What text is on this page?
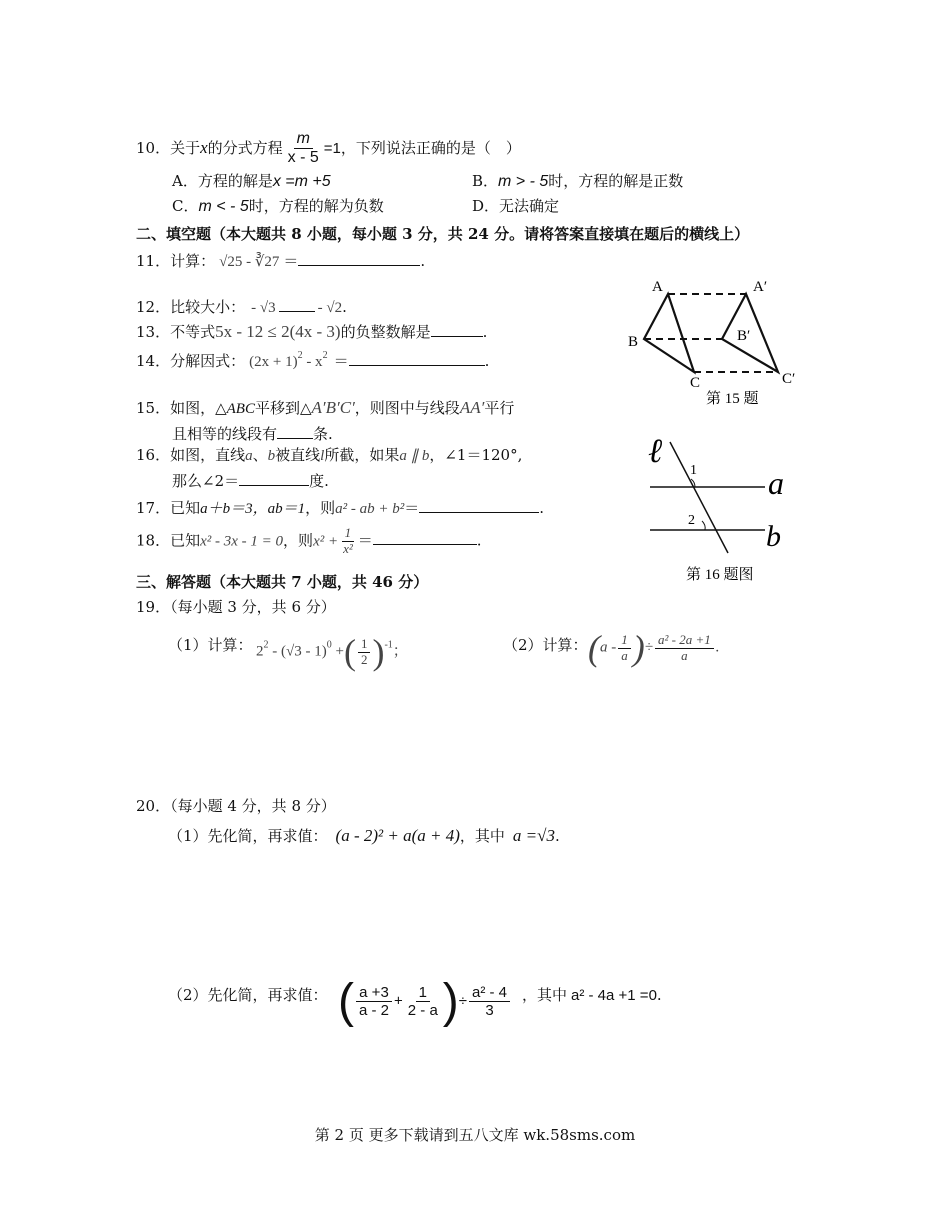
10．关于x的分式方程 $\frac{m}{x - 5} =1$，下列说法正确的是（　）
A．方程的解是x =m +5	B．m > - 5时，方程的解是正数
C．m < - 5时，方程的解为负数	D．无法确定
二、填空题（本大题共 8 小题，每小题 3 分，共 24 分。请将答案直接填在题后的横线上）
11．计算： √25 - ∛27 ＝	.
12．比较大小： - √3	- √2.
13．不等式5x - 12 ≤ 2(4x - 3)的负整数解是	.
14．分解因式： $(2x + 1)^2 - x^2$ ＝	.
15．如图，△ABC平移到△A′B′C′，则图中与线段AA′平行
且相等的线段有 条.
16．如图，直线a、b被直线l所截，如果a ∥ b，∠1＝120°,
那么∠2＝	度.
17．已知a＋b＝3，ab＝1，则a² - ab + b²＝	.
18．已知x² - 3x - 1 = 0，则$x^2 + \frac{1}{\text{x²}}$ ＝	.
三、解答题（本大题共 7 小题，共 46 分）
19．（每小题 3 分，共 6 分）
（1）计算： $2^2 - (√3 - 1)^0$ +( $\frac{1}{2} )^{-1}$；	（2）计算： ($a - \frac{1}{a}$ )÷ $\frac{\text{a² - 2a +1}}{a}$ .
20．（每小题 4 分，共 8 分）
（1）先化简，再求值： (a - 2)² + a(a + 4)，其中 a =√3.
（2）先化简，再求值： ( $\frac{a +3}{a - 2} + \frac{1}{2 - a}$ )÷ $\frac{\text{a² - 4}}{3}$ ，其中 a² - 4a +1 =0.
A	A′
B	B′
C	C′
第 15 题
ℓ
1
2
a
b
第 16 题图
第 2 页 更多下载请到五八文库 wk.58sms.com
